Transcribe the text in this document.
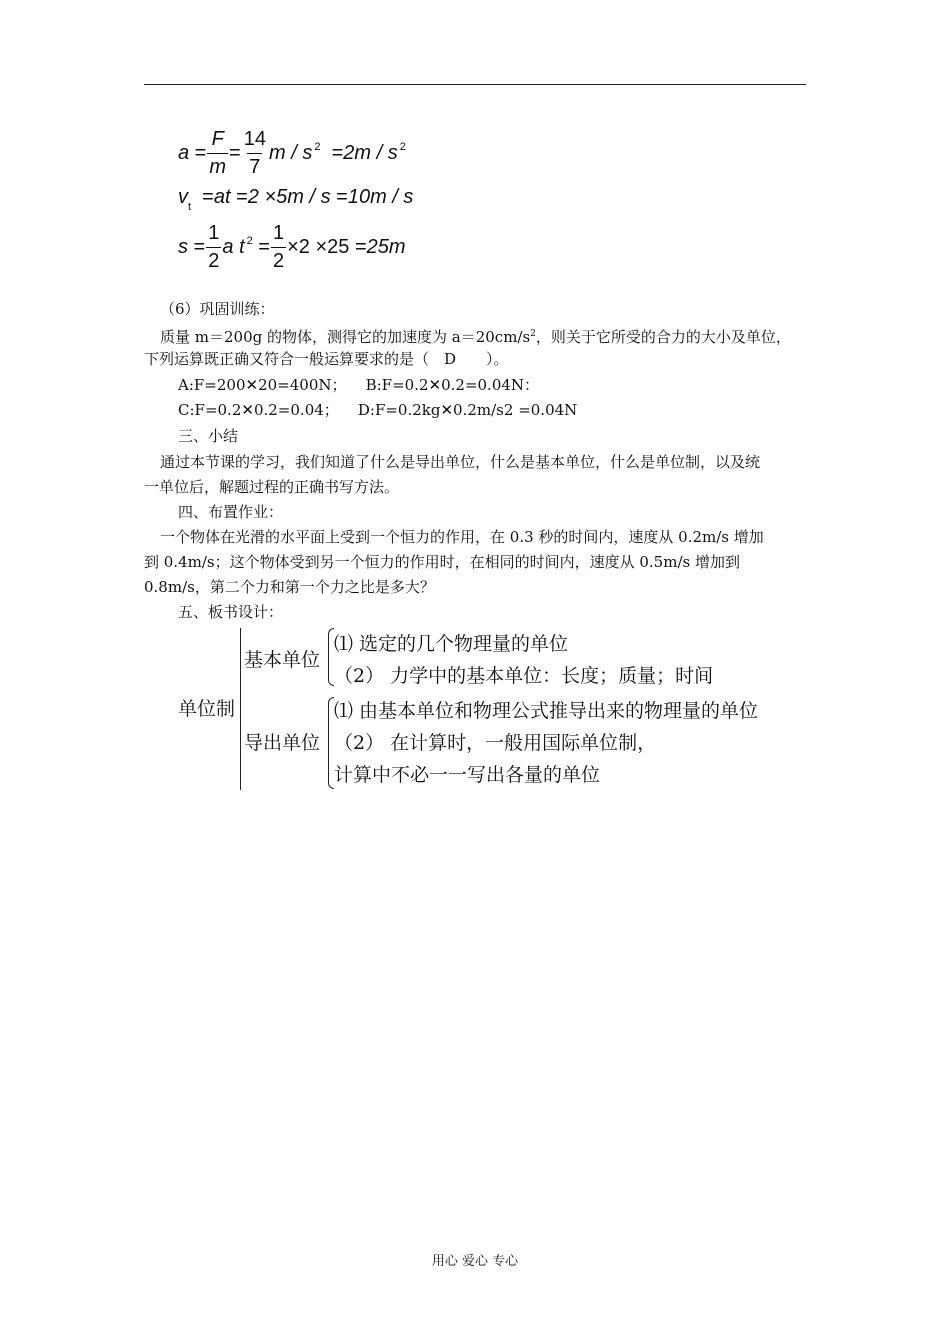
$a = \frac{F}{m} = \frac{14}{7}$ m / s $^2$  =2m / s $^2$
$v_t =at =2 \times 5m / s =10m / s$
$s = \frac{1}{2}$ a t $^2 = \frac{1}{2} \times 2 \times 25 =25m$
（6）巩固训练：
质量 m＝200g 的物体，测得它的加速度为 $a=20cm/s^2$，则关于它所受的合力的大小及单位，
下列运算既正确又符合一般运算要求的是（　D　　）。
A:F=200✕20=400N； B:F=0.2✕0.2=0.04N：
C:F=0.2✕0.2=0.04； D:F=0.2kg✕0.2m/s2 =0.04N
三、小结
通过本节课的学习，我们知道了什么是导出单位，什么是基本单位，什么是单位制，以及统
一单位后，解题过程的正确书写方法。
四、布置作业：
一个物体在光滑的水平面上受到一个恒力的作用，在 0.3 秒的时间内，速度从 0.2m/s 增加
到 0.4m/s；这个物体受到另一个恒力的作用时，在相同的时间内，速度从 0.5m/s 增加到
0.8m/s，第二个力和第一个力之比是多大？
五、板书设计：
单位制
基本单位
⑴ 选定的几个物理量的单位
（2） 力学中的基本单位：长度；质量；时间
导出单位
⑴ 由基本单位和物理公式推导出来的物理量的单位
（2） 在计算时，一般用国际单位制，
计算中不必一一写出各量的单位
用心 爱心 专心
